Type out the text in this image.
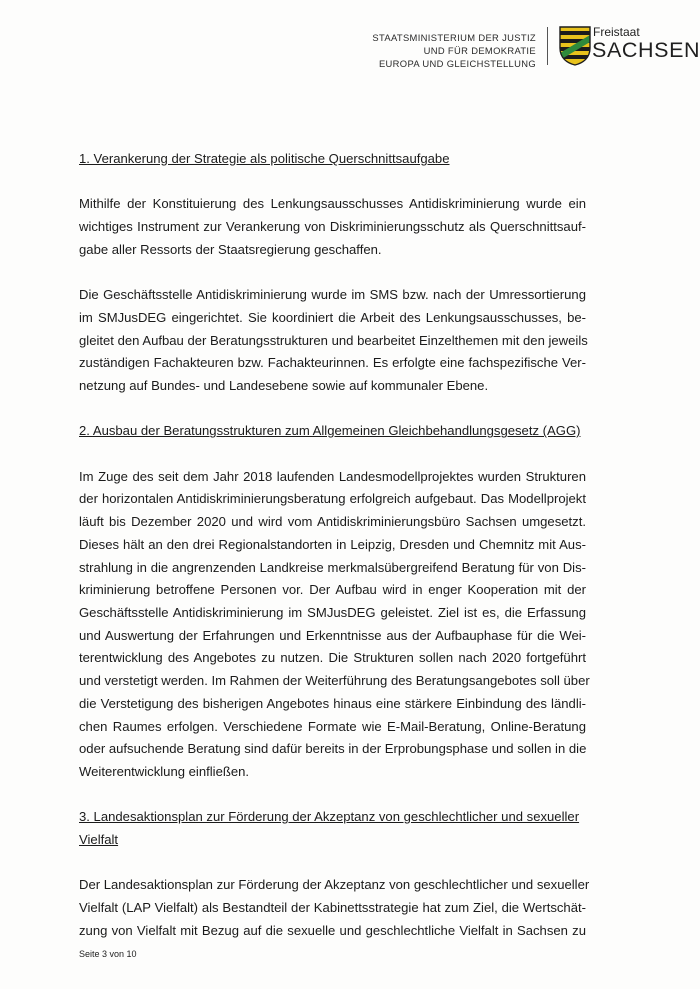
STAATSMINISTERIUM DER JUSTIZ
UND FÜR DEMOKRATIE
EUROPA UND GLEICHSTELLUNG
Freistaat
SACHSEN
1. Verankerung der Strategie als politische Querschnittsaufgabe
Mithilfe der Konstituierung des Lenkungsausschusses Antidiskriminierung wurde ein
wichtiges Instrument zur Verankerung von Diskriminierungsschutz als Querschnittsauf-
gabe aller Ressorts der Staatsregierung geschaffen.
Die Geschäftsstelle Antidiskriminierung wurde im SMS bzw. nach der Umressortierung
im SMJusDEG eingerichtet. Sie koordiniert die Arbeit des Lenkungsausschusses, be-
gleitet den Aufbau der Beratungsstrukturen und bearbeitet Einzelthemen mit den jeweils
zuständigen Fachakteuren bzw. Fachakteurinnen. Es erfolgte eine fachspezifische Ver-
netzung auf Bundes- und Landesebene sowie auf kommunaler Ebene.
2. Ausbau der Beratungsstrukturen zum Allgemeinen Gleichbehandlungsgesetz (AGG)
Im Zuge des seit dem Jahr 2018 laufenden Landesmodellprojektes wurden Strukturen
der horizontalen Antidiskriminierungsberatung erfolgreich aufgebaut. Das Modellprojekt
läuft bis Dezember 2020 und wird vom Antidiskriminierungsbüro Sachsen umgesetzt.
Dieses hält an den drei Regionalstandorten in Leipzig, Dresden und Chemnitz mit Aus-
strahlung in die angrenzenden Landkreise merkmalsübergreifend Beratung für von Dis-
kriminierung betroffene Personen vor. Der Aufbau wird in enger Kooperation mit der
Geschäftsstelle Antidiskriminierung im SMJusDEG geleistet. Ziel ist es, die Erfassung
und Auswertung der Erfahrungen und Erkenntnisse aus der Aufbauphase für die Wei-
terentwicklung des Angebotes zu nutzen. Die Strukturen sollen nach 2020 fortgeführt
und verstetigt werden. Im Rahmen der Weiterführung des Beratungsangebotes soll über
die Verstetigung des bisherigen Angebotes hinaus eine stärkere Einbindung des ländli-
chen Raumes erfolgen. Verschiedene Formate wie E-Mail-Beratung, Online-Beratung
oder aufsuchende Beratung sind dafür bereits in der Erprobungsphase und sollen in die
Weiterentwicklung einfließen.
3. Landesaktionsplan zur Förderung der Akzeptanz von geschlechtlicher und sexueller Vielfalt
Der Landesaktionsplan zur Förderung der Akzeptanz von geschlechtlicher und sexueller
Vielfalt (LAP Vielfalt) als Bestandteil der Kabinettsstrategie hat zum Ziel, die Wertschät-
zung von Vielfalt mit Bezug auf die sexuelle und geschlechtliche Vielfalt in Sachsen zu
Seite 3 von 10
